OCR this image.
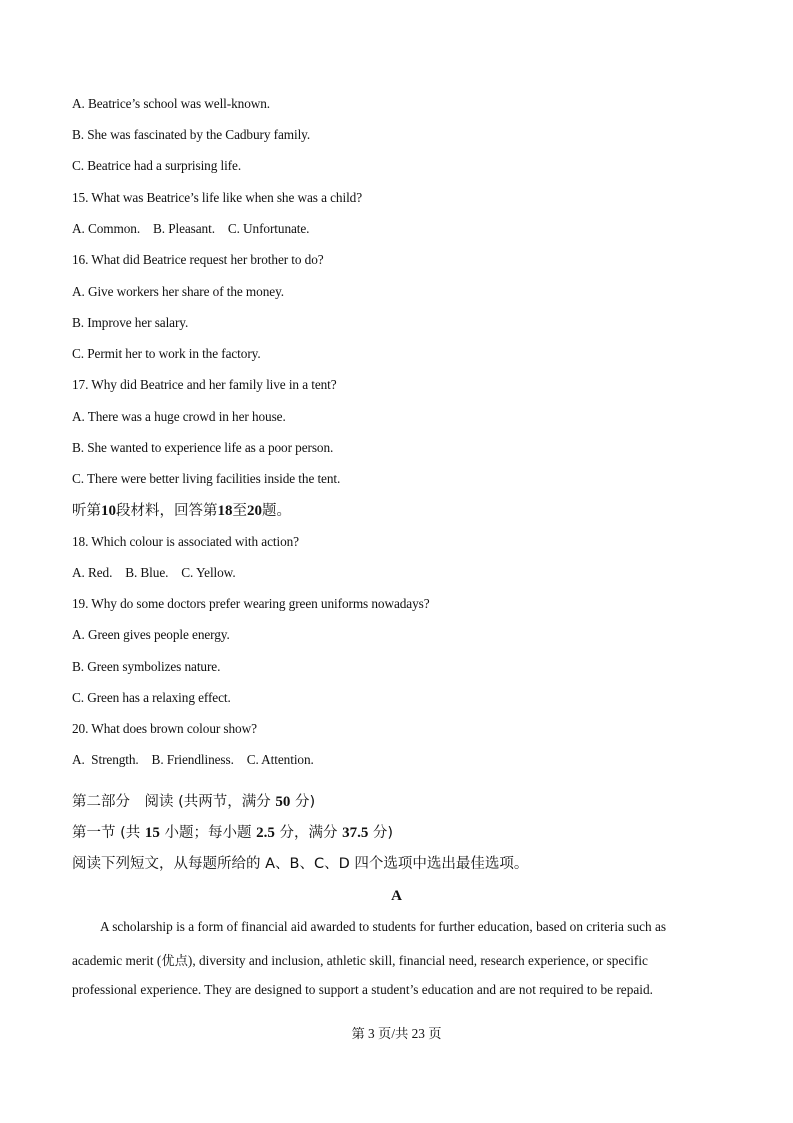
A. Beatrice’s school was well-known.
B. She was fascinated by the Cadbury family.
C. Beatrice had a surprising life.
15. What was Beatrice’s life like when she was a child?
A. Common.    B. Pleasant.    C. Unfortunate.
16. What did Beatrice request her brother to do?
A. Give workers her share of the money.
B. Improve her salary.
C. Permit her to work in the factory.
17. Why did Beatrice and her family live in a tent?
A. There was a huge crowd in her house.
B. She wanted to experience life as a poor person.
C. There were better living facilities inside the tent.
听第10段材料，回答第18至20题。
18. Which colour is associated with action?
A. Red.    B. Blue.    C. Yellow.
19. Why do some doctors prefer wearing green uniforms nowadays?
A. Green gives people energy.
B. Green symbolizes nature.
C. Green has a relaxing effect.
20. What does brown colour show?
A.  Strength.    B. Friendliness.    C. Attention.
第二部分　阅读 (共两节，满分 50 分)
第一节 (共 15 小题；每小题 2.5 分，满分 37.5 分)
阅读下列短文，从每题所给的 A、B、C、D 四个选项中选出最佳选项。
A
A scholarship is a form of financial aid awarded to students for further education, based on criteria such as
academic merit (优点), diversity and inclusion, athletic skill, financial need, research experience, or specific
professional experience. They are designed to support a student’s education and are not required to be repaid.
第 3 页/共 23 页
